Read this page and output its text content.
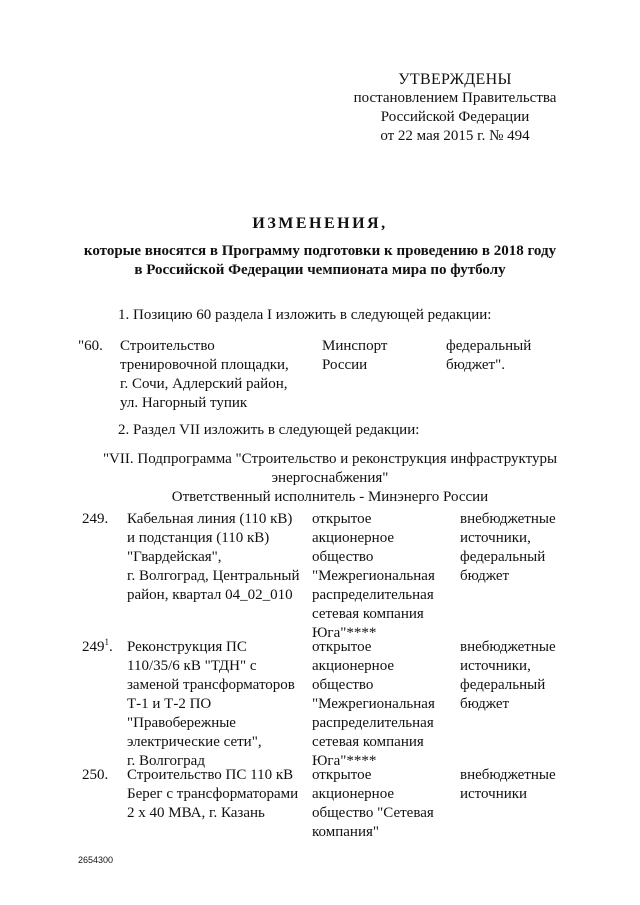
УТВЕРЖДЕНЫ
постановлением Правительства
Российской Федерации
от 22 мая 2015 г. № 494
ИЗМЕНЕНИЯ,
которые вносятся в Программу подготовки к проведению в 2018 году
в Российской Федерации чемпионата мира по футболу
1. Позицию 60 раздела I изложить в следующей редакции:
"60. Строительство
тренировочной площадки,
г. Сочи, Адлерский район,
ул. Нагорный тупик
Минспорт
России
федеральный
бюджет".
2. Раздел VII изложить в следующей редакции:
"VII. Подпрограмма "Строительство и реконструкция инфраструктуры
энергоснабжения"
Ответственный исполнитель - Минэнерго России
249. Кабельная линия (110 кВ)
и подстанция (110 кВ)
"Гвардейская",
г. Волгоград, Центральный
район, квартал 04_02_010
открытое
акционерное
общество
"Межрегиональная
распределительная
сетевая компания
Юга"****
внебюджетные
источники,
федеральный
бюджет
$249^1$. Реконструкция ПС
110/35/6 кВ "ТДН" с
заменой трансформаторов
Т-1 и Т-2 ПО
"Правобережные
электрические сети",
г. Волгоград
открытое
акционерное
общество
"Межрегиональная
распределительная
сетевая компания
Юга"****
внебюджетные
источники,
федеральный
бюджет
250. Строительство ПС 110 кВ
Берег с трансформаторами
2 х 40 МВА, г. Казань
открытое
акционерное
общество "Сетевая
компания"
внебюджетные
источники
2654300
